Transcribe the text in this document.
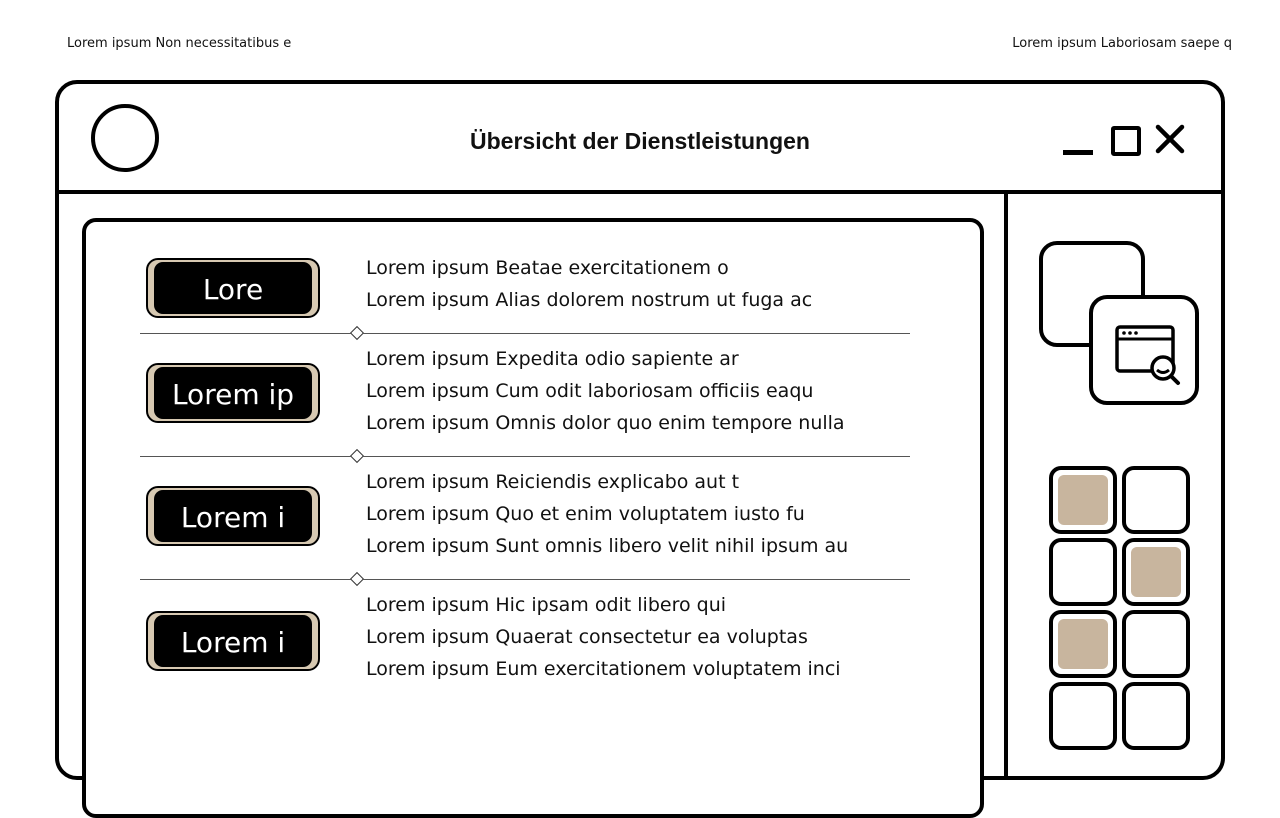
Lorem ipsum Non necessitatibus e	Lorem ipsum Laboriosam saepe q
Übersicht der Dienstleistungen
Lore
Lorem ipsum Beatae exercitationem o
Lorem ipsum Alias dolorem nostrum ut fuga ac
Lorem ip
Lorem ipsum Expedita odio sapiente ar
Lorem ipsum Cum odit laboriosam officiis eaqu
Lorem ipsum Omnis dolor quo enim tempore nulla
Lorem i
Lorem ipsum Reiciendis explicabo aut t
Lorem ipsum Quo et enim voluptatem iusto fu
Lorem ipsum Sunt omnis libero velit nihil ipsum au
Lorem i
Lorem ipsum Hic ipsam odit libero qui
Lorem ipsum Quaerat consectetur ea voluptas
Lorem ipsum Eum exercitationem voluptatem inci
